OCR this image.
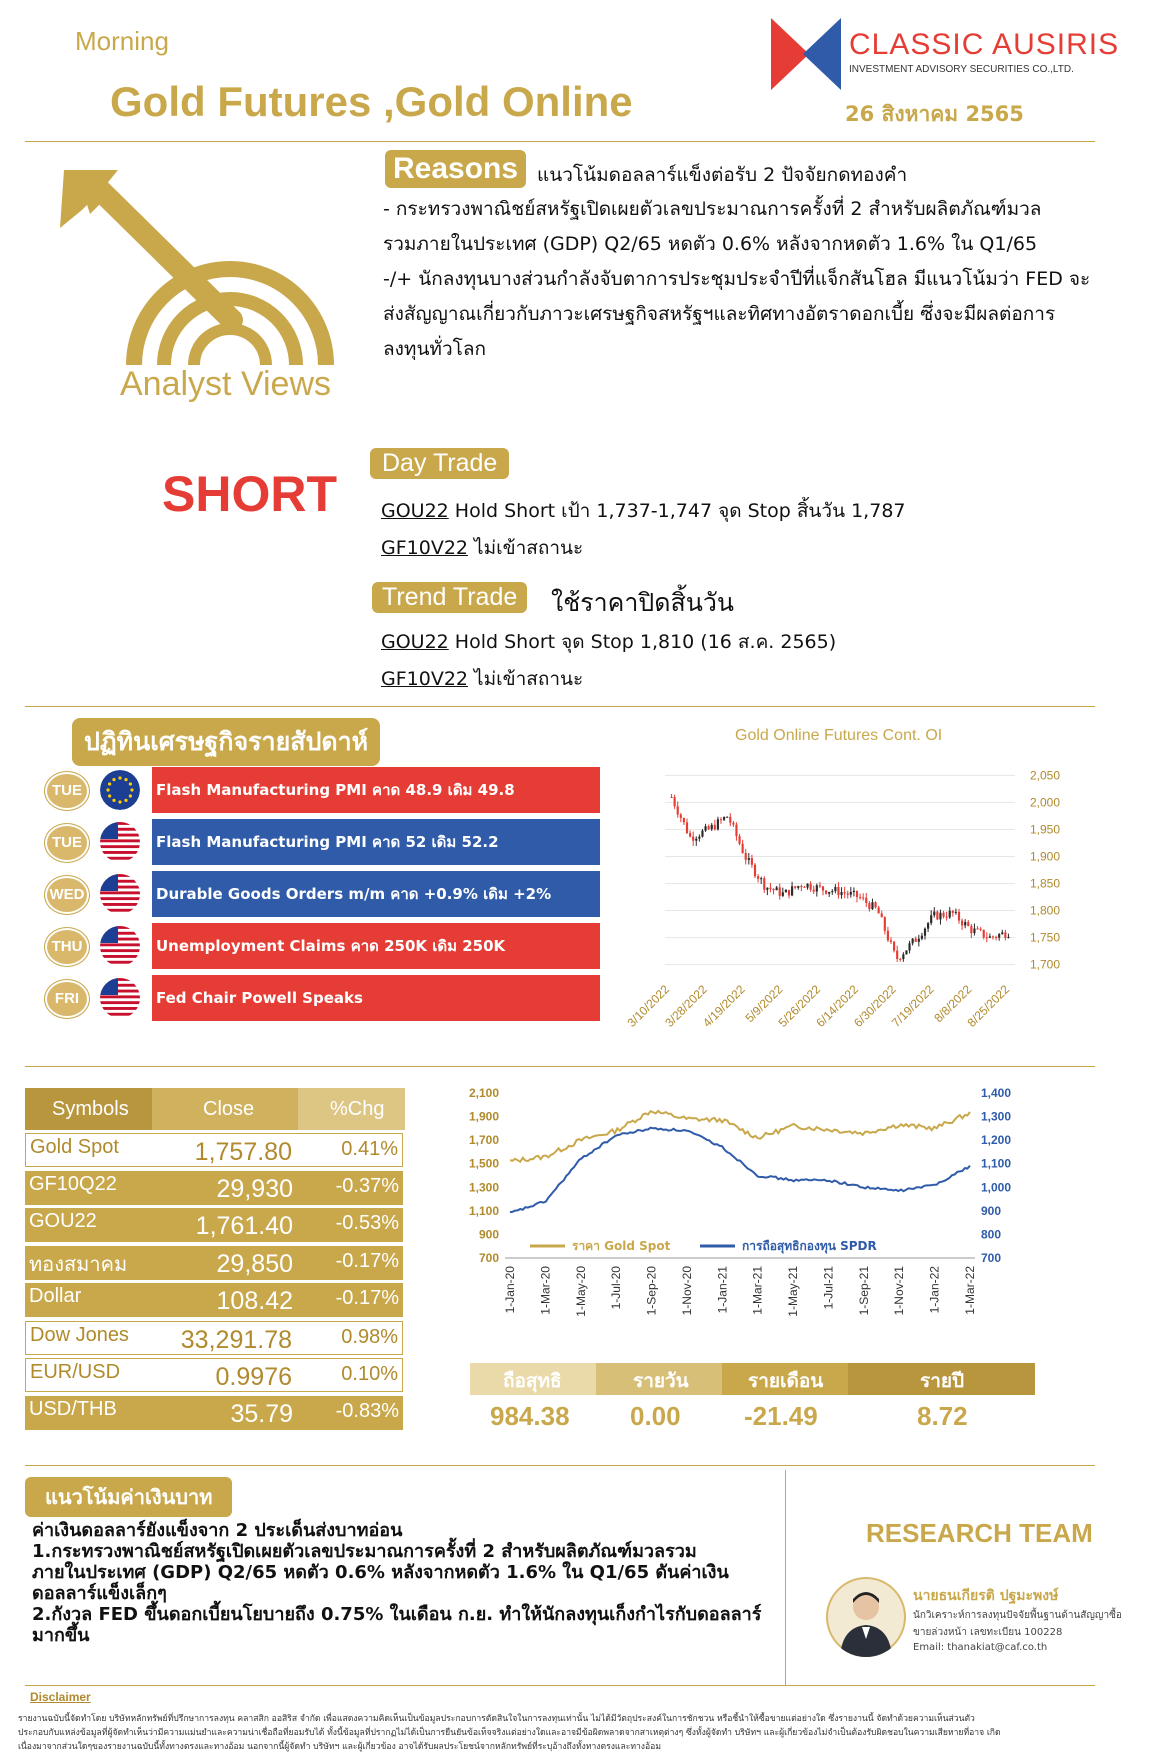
Morning
Gold Futures ,Gold Online
CLASSIC AUSIRIS
INVESTMENT ADVISORY SECURITIES CO.,LTD.
26 สิงหาคม 2565
Analyst Views
Reasons แนวโน้มดอลลาร์แข็งต่อรับ 2 ปัจจัยกดทองคำ
- กระทรวงพาณิชย์สหรัฐเปิดเผยตัวเลขประมาณการครั้งที่ 2 สำหรับผลิตภัณฑ์มวล
รวมภายในประเทศ (GDP) Q2/65 หดตัว 0.6% หลังจากหดตัว 1.6% ใน Q1/65
-/+ นักลงทุนบางส่วนกำลังจับตาการประชุมประจำปีที่แจ็กสันโฮล มีแนวโน้มว่า FED จะ
ส่งสัญญาณเกี่ยวกับภาวะเศรษฐกิจสหรัฐฯและทิศทางอัตราดอกเบี้ย ซึ่งจะมีผลต่อการ
ลงทุนทั่วโลก
SHORT
Day Trade
GOU22 Hold Short เป้า 1,737-1,747 จุด Stop สิ้นวัน 1,787
GF10V22 ไม่เข้าสถานะ
Trend Trade	ใช้ราคาปิดสิ้นวัน
GOU22 Hold Short จุด Stop 1,810 (16 ส.ค. 2565)
GF10V22 ไม่เข้าสถานะ
ปฏิทินเศรษฐกิจรายสัปดาห์
TUE	Flash Manufacturing PMI คาด 48.9 เดิม 49.8
TUE	Flash Manufacturing PMI คาด 52 เดิม 52.2
WED	Durable Goods Orders m/m คาด +0.9% เดิม +2%
THU	Unemployment Claims คาด 250K เดิม 250K
FRI	Fed Chair Powell Speaks
Gold Online Futures Cont. OI
2,050
2,000
1,950
1,900
1,850
1,800
1,750
1,700
3/10/2022
3/28/2022
4/19/2022
5/9/2022
5/26/2022
6/14/2022
6/30/2022
7/19/2022
8/8/2022
8/25/2022
Symbols	Close	%Chg
Gold Spot	1,757.80 0.41%
GF10Q22	29,930 -0.37%
GOU22	1,761.40 -0.53%
ทองสมาคม	29,850 -0.17%
Dollar	108.42 -0.17%
Dow Jones 33,291.78 0.98%
EUR/USD	0.9976 0.10%
USD/THB	35.79 -0.83%
2,100
1,900
1,700
1,500
1,300
1,100
900
700
1,400
1,300
1,200
1,100
1,000
900
800
700
1-Jan-20 1-Mar-20 1-May-20 1-Jul-20 1-Sep-20 1-Nov-20 1-Jan-21 1-Mar-21 1-May-21 1-Jul-21 1-Sep-21 1-Nov-21 1-Jan-22 1-Mar-22
ราคา Gold Spot	การถือสุทธิกองทุน SPDR
ถือสุทธิ	รายวัน	รายเดือน	รายปี
984.38 0.00 -21.49	8.72
แนวโน้มค่าเงินบาท
ค่าเงินดอลลาร์ยังแข็งจาก 2 ประเด็นส่งบาทอ่อน
1.กระทรวงพาณิชย์สหรัฐเปิดเผยตัวเลขประมาณการครั้งที่ 2 สำหรับผลิตภัณฑ์มวลรวม
ภายในประเทศ (GDP) Q2/65 หดตัว 0.6% หลังจากหดตัว 1.6% ใน Q1/65 ดันค่าเงิน
ดอลลาร์แข็งเล็กๆ
2.กังวล FED ขึ้นดอกเบี้ยนโยบายถึง 0.75% ในเดือน ก.ย. ทำให้นักลงทุนเก็งกำไรกับดอลลาร์
มากขึ้น
RESEARCH TEAM
นายธนเกียรติ ปฐมะพงษ์
นักวิเคราะห์การลงทุนปัจจัยพื้นฐานด้านสัญญาซื้อ
ขายล่วงหน้า เลขทะเบียน 100228
Email: thanakiat@caf.co.th
Disclaimer
รายงานฉบับนี้จัดทำโดย บริษัทหลักทรัพย์ที่ปรึกษาการลงทุน คลาสสิก ออสิริส จำกัด เพื่อแสดงความคิดเห็นเป็นข้อมูลประกอบการตัดสินใจในการลงทุนเท่านั้น ไม่ได้มีวัตถุประสงค์ในการชักชวน หรือชี้นำให้ซื้อขายแต่อย่างใด ซึ่งรายงานนี้ จัดทำด้วยความเห็นส่วนตัว
ประกอบกับแหล่งข้อมูลที่ผู้จัดทำเห็นว่ามีความแม่นยำและความน่าเชื่อถือที่ยอมรับได้ ทั้งนี้ข้อมูลที่ปรากฏไม่ได้เป็นการยืนยันข้อเท็จจริงแต่อย่างใดและอาจมีข้อผิดพลาดจากสาเหตุต่างๆ ซึ่งทั้งผู้จัดทำ บริษัทฯ และผู้เกี่ยวข้องไม่จำเป็นต้องรับผิดชอบในความเสียหายที่อาจ เกิด
เนื่องมาจากส่วนใดๆของรายงานฉบับนี้ทั้งทางตรงและทางอ้อม นอกจากนี้ผู้จัดทำ บริษัทฯ และผู้เกี่ยวข้อง อาจได้รับผลประโยชน์จากหลักทรัพย์ที่ระบุอ้างถึงทั้งทางตรงและทางอ้อม
